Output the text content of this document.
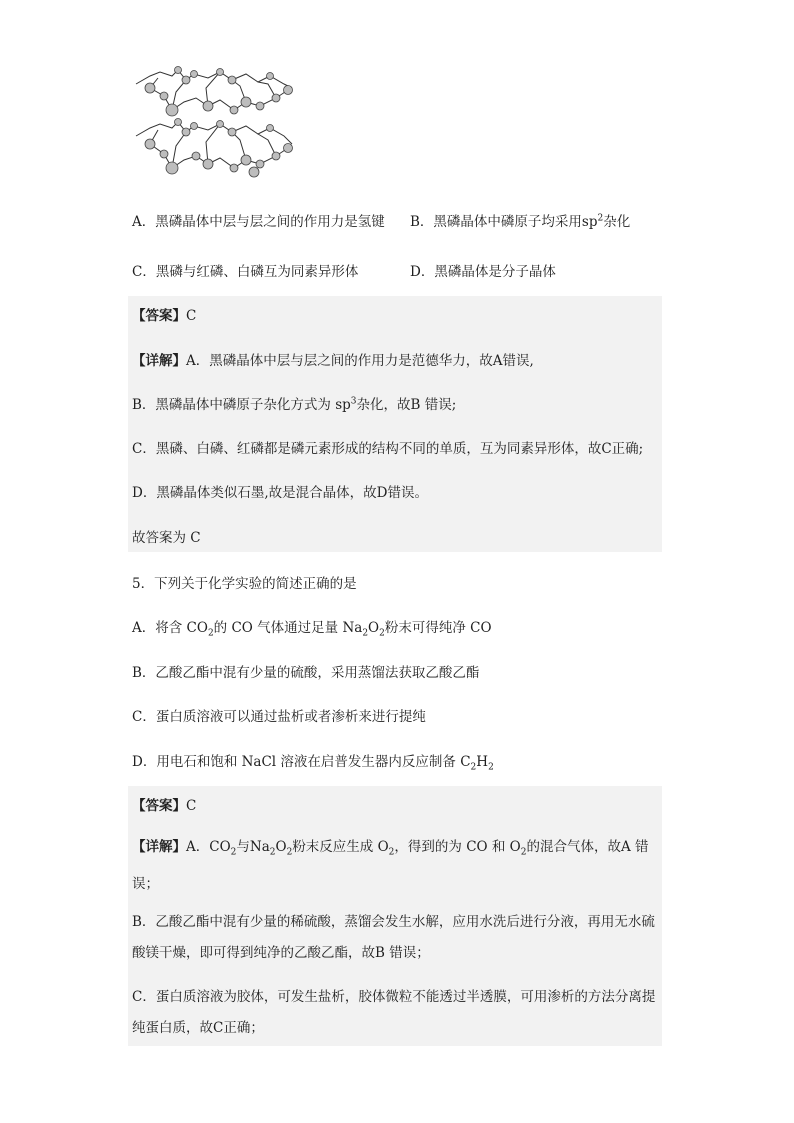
A．黑磷晶体中层与层之间的作用力是氢键 B．黑磷晶体中磷原子均采用$sp^2$杂化
C．黑磷与红磷、白磷互为同素异形体	D．黑磷晶体是分子晶体
【答案】C
【详解】A．黑磷晶体中层与层之间的作用力是范德华力，故A错误,
B．黑磷晶体中磷原子杂化方式为 $sp^3$杂化，故B 错误;
C．黑磷、白磷、红磷都是磷元素形成的结构不同的单质，互为同素异形体，故C正确;
D．黑磷晶体类似石墨,故是混合晶体，故D错误。
故答案为 C
5．下列关于化学实验的简述正确的是
A．将含 $CO_2$的 CO 气体通过足量 $Na_2O_2$粉末可得纯净 CO
B．乙酸乙酯中混有少量的硫酸，采用蒸馏法获取乙酸乙酯
C．蛋白质溶液可以通过盐析或者渗析来进行提纯
D．用电石和饱和 NaCl 溶液在启普发生器内反应制备 $C_2H_2$
【答案】C
【详解】A．$CO_2$与$Na_2O_2$粉末反应生成 $O_2$，得到的为 CO 和 $O_2$的混合气体，故A 错误；
B．乙酸乙酯中混有少量的稀硫酸，蒸馏会发生水解，应用水洗后进行分液，再用无水硫酸镁干燥，即可得到纯净的乙酸乙酯，故B 错误；
C．蛋白质溶液为胶体，可发生盐析，胶体微粒不能透过半透膜，可用渗析的方法分离提纯蛋白质，故C正确；
